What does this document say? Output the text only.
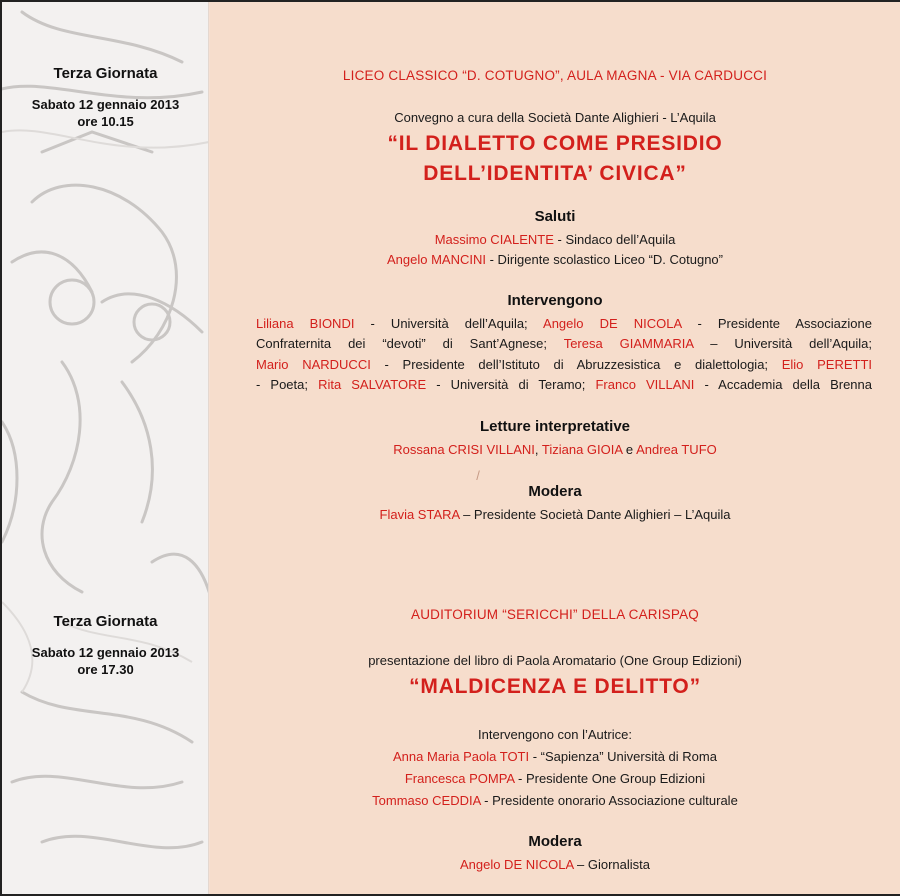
Terza Giornata
Sabato 12 gennaio 2013
ore 10.15
Terza Giornata
Sabato 12 gennaio 2013
ore 17.30
LICEO CLASSICO “D. COTUGNO”, AULA MAGNA - VIA CARDUCCI
Convegno a cura della Società Dante Alighieri - L’Aquila
“IL DIALETTO COME PRESIDIO
DELL’IDENTITA’ CIVICA”
Saluti
Massimo CIALENTE - Sindaco dell’Aquila
Angelo MANCINI - Dirigente scolastico Liceo “D. Cotugno”
Intervengono
Liliana BIONDI - Università dell’Aquila; Angelo DE NICOLA - Presidente Associazione
Confraternita dei “devoti” di Sant’Agnese; Teresa GIAMMARIA – Università dell’Aquila;
Mario NARDUCCI - Presidente dell’Istituto di Abruzzesistica e dialettologia; Elio PERETTI
- Poeta; Rita SALVATORE - Università di Teramo; Franco VILLANI - Accademia della Brenna
Letture interpretative
Rossana CRISI VILLANI, Tiziana GIOIA e Andrea TUFO
/
Modera
Flavia STARA – Presidente Società Dante Alighieri – L’Aquila
AUDITORIUM “SERICCHI” DELLA CARISPAQ
presentazione del libro di Paola Aromatario (One Group Edizioni)
“MALDICENZA E DELITTO”
Intervengono con l’Autrice:
Anna Maria Paola TOTI - “Sapienza” Università di Roma
Francesca POMPA - Presidente One Group Edizioni
Tommaso CEDDIA - Presidente onorario Associazione culturale
Modera
Angelo DE NICOLA – Giornalista
